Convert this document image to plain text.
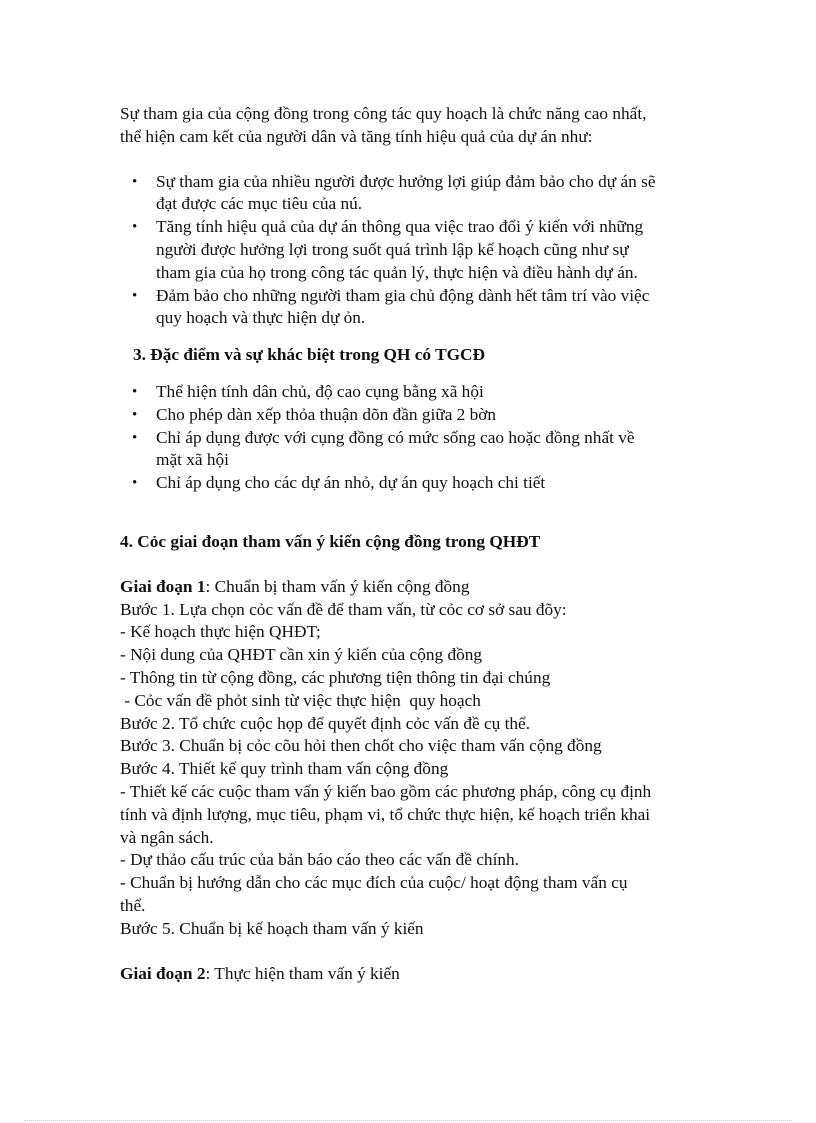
Sự tham gia của cộng đồng trong công tác quy hoạch là chức năng cao nhất,

thể hiện cam kết của người dân và tăng tính hiệu quả của dự án như:

• Sự tham gia của nhiều người được hưởng lợi giúp đảm bảo cho dự án sẽ
đạt được các mục tiêu của nú.
• Tăng tính hiệu quả của dự án thông qua việc trao đổi ý kiến với những
người được hưởng lợi trong suốt quá trình lập kế hoạch cũng như sự
tham gia của họ trong công tác quản lý, thực hiện và điều hành dự án.
• Đảm bảo cho những người tham gia chủ động dành hết tâm trí vào việc
quy hoạch và thực hiện dự ỏn.

3. Đặc điểm và sự khác biệt trong QH có TGCĐ

• Thể hiện tính dân chủ, độ cao cụng bằng xã hội
• Cho phép dàn xếp thỏa thuận dõn đần giữa 2 bờn
• Chỉ áp dụng được với cụng đồng có mức sống cao hoặc đồng nhất về
mặt xã hội
• Chỉ áp dụng cho các dự án nhỏ, dự án quy hoạch chi tiết

4. Cỏc giai đoạn tham vấn ý kiến cộng đồng trong QHĐT

Giai đoạn 1: Chuẩn bị tham vấn ý kiến cộng đồng

Bước 1. Lựa chọn cỏc vấn đề để tham vấn, từ cỏc cơ sở sau đõy:

- Kế hoạch thực hiện QHĐT;

- Nội dung của QHĐT cần xin ý kiến của cộng đồng

- Thông tin từ cộng đồng, các phương tiện thông tin đại chúng

- Cỏc vấn đề phỏt sinh từ việc thực hiện  quy hoạch

Bước 2. Tổ chức cuộc họp để quyết định cỏc vấn đề cụ thể.

Bước 3. Chuẩn bị cỏc cõu hỏi then chốt cho việc tham vấn cộng đồng

Bước 4. Thiết kế quy trình tham vấn cộng đồng

- Thiết kế các cuộc tham vấn ý kiến bao gồm các phương pháp, công cụ định

tính và định lượng, mục tiêu, phạm vi, tổ chức thực hiện, kế hoạch triển khai

và ngân sách.

- Dự thảo cấu trúc của bản báo cáo theo các vấn đề chính.

- Chuẩn bị hướng dẫn cho các mục đích của cuộc/ hoạt động tham vấn cụ

thể.

Bước 5. Chuẩn bị kế hoạch tham vấn ý kiến

Giai đoạn 2: Thực hiện tham vấn ý kiến
